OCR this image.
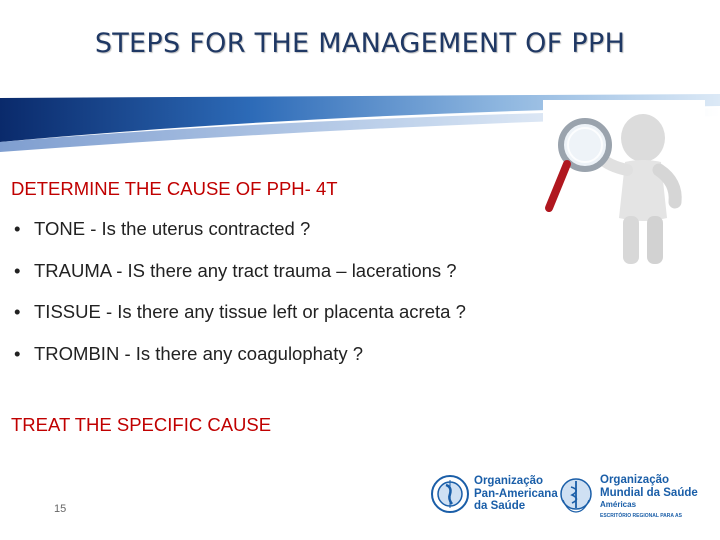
STEPS FOR THE MANAGEMENT OF PPH
DETERMINE THE CAUSE OF PPH- 4T
• TONE - Is the uterus contracted ?
• TRAUMA - IS there any tract trauma – lacerations ?
• TISSUE - Is there any tissue left or placenta acreta ?
• TROMBIN - Is there any coagulophaty ?
TREAT THE SPECIFIC CAUSE
15
Organização
Pan-Americana
da Saúde
Organização
Mundial da Saúde
Américas
ESCRITÓRIO REGIONAL PARA AS
